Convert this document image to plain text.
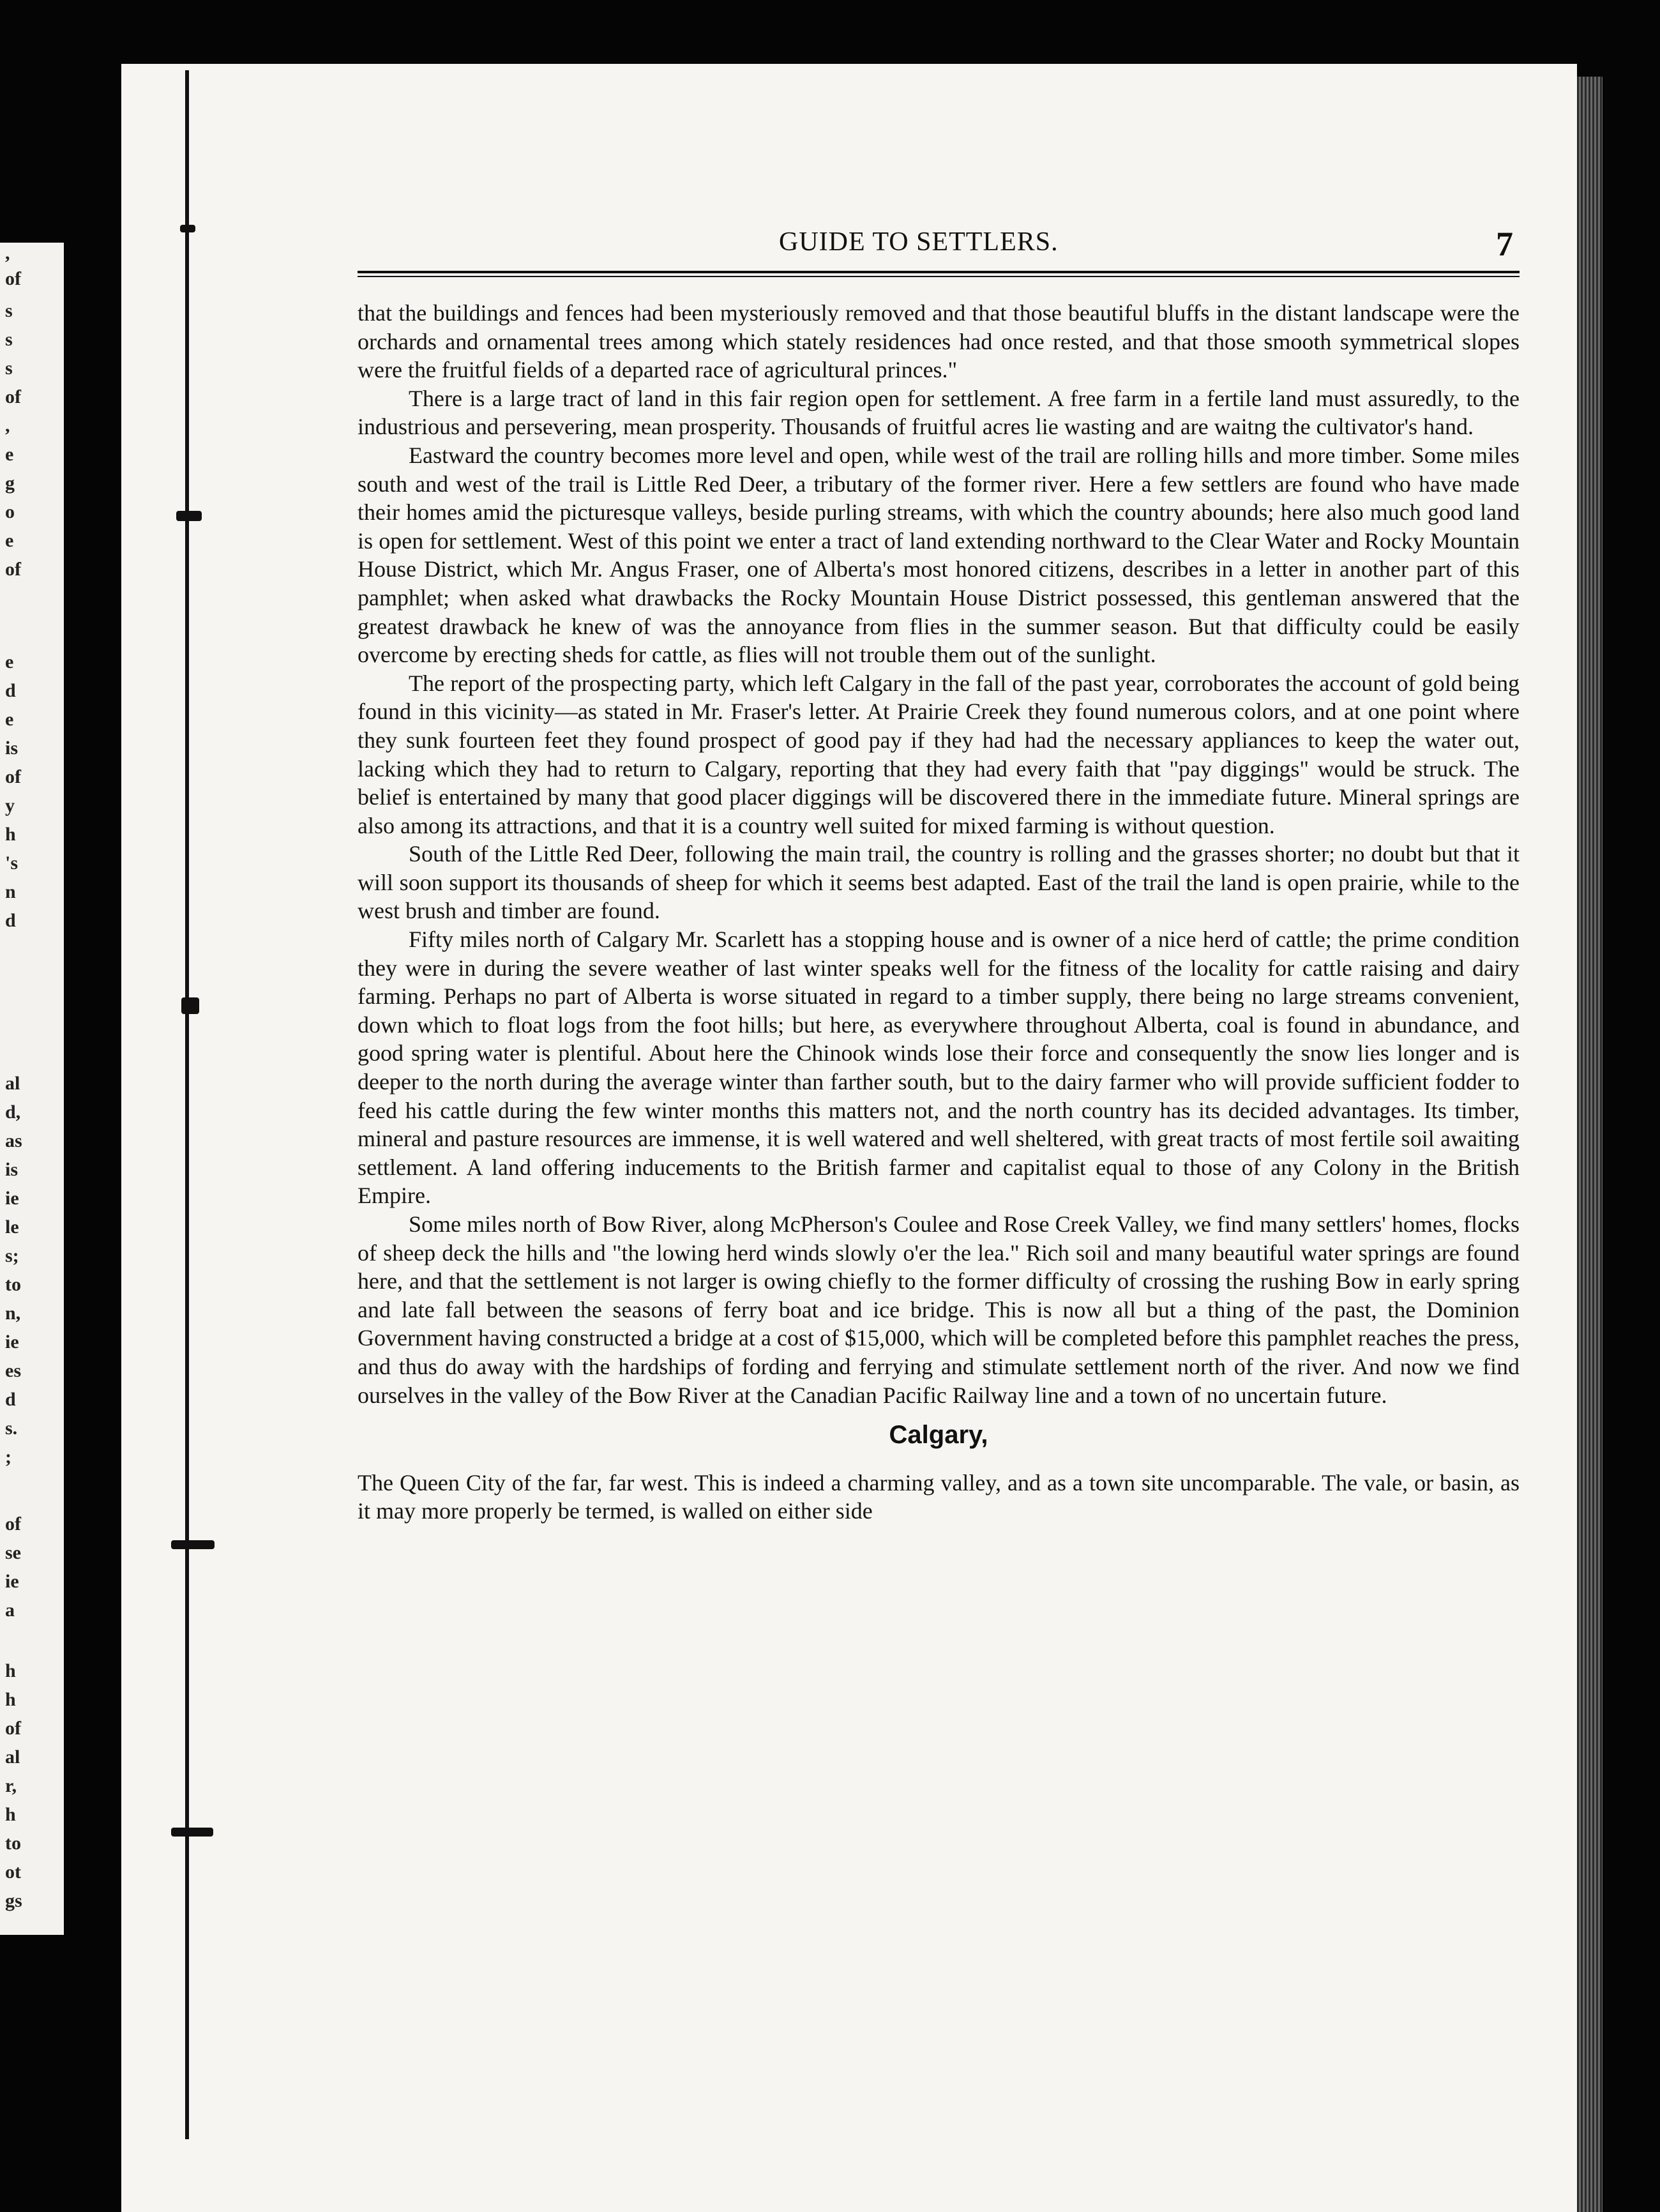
,
of
s
s
s
of
,
e
g
o
e
of
e
d
e
is
of
y
h
's
n
d
al
d,
as
is
ie
le
s;
to
n,
ie
es
d
s.
;
of
se
ie
a
h
h
of
al
r,
h
to
ot
gs
GUIDE TO SETTLERS.	7

that the buildings and fences had been mysteriously removed and that those beautiful bluffs in the distant landscape were the orchards and ornamental trees among which stately residences had once rested, and that those smooth symmetrical slopes were the fruitful fields of a departed race of agricultural princes."

There is a large tract of land in this fair region open for settlement. A free farm in a fertile land must assuredly, to the industrious and persevering, mean prosperity. Thousands of fruitful acres lie wasting and are waitng the cultivator's hand.

Eastward the country becomes more level and open, while west of the trail are rolling hills and more timber. Some miles south and west of the trail is Little Red Deer, a tributary of the former river. Here a few settlers are found who have made their homes amid the picturesque valleys, beside purling streams, with which the country abounds; here also much good land is open for settlement. West of this point we enter a tract of land extending northward to the Clear Water and Rocky Mountain House District, which Mr. Angus Fraser, one of Alberta's most honored citizens, describes in a letter in another part of this pamphlet; when asked what drawbacks the Rocky Mountain House District possessed, this gentleman answered that the greatest drawback he knew of was the annoyance from flies in the summer season. But that difficulty could be easily overcome by erecting sheds for cattle, as flies will not trouble them out of the sunlight.

The report of the prospecting party, which left Calgary in the fall of the past year, corroborates the account of gold being found in this vicinity—as stated in Mr. Fraser's letter. At Prairie Creek they found numerous colors, and at one point where they sunk fourteen feet they found prospect of good pay if they had had the necessary appliances to keep the water out, lacking which they had to return to Calgary, reporting that they had every faith that "pay diggings" would be struck. The belief is entertained by many that good placer diggings will be discovered there in the immediate future. Mineral springs are also among its attractions, and that it is a country well suited for mixed farming is without question.

South of the Little Red Deer, following the main trail, the country is rolling and the grasses shorter; no doubt but that it will soon support its thousands of sheep for which it seems best adapted. East of the trail the land is open prairie, while to the west brush and timber are found.

Fifty miles north of Calgary Mr. Scarlett has a stopping house and is owner of a nice herd of cattle; the prime condition they were in during the severe weather of last winter speaks well for the fitness of the locality for cattle raising and dairy farming. Perhaps no part of Alberta is worse situated in regard to a timber supply, there being no large streams convenient, down which to float logs from the foot hills; but here, as everywhere throughout Alberta, coal is found in abundance, and good spring water is plentiful. About here the Chinook winds lose their force and consequently the snow lies longer and is deeper to the north during the average winter than farther south, but to the dairy farmer who will provide sufficient fodder to feed his cattle during the few winter months this matters not, and the north country has its decided advantages. Its timber, mineral and pasture resources are immense, it is well watered and well sheltered, with great tracts of most fertile soil awaiting settlement. A land offering inducements to the British farmer and capitalist equal to those of any Colony in the British Empire.

Some miles north of Bow River, along McPherson's Coulee and Rose Creek Valley, we find many settlers' homes, flocks of sheep deck the hills and "the lowing herd winds slowly o'er the lea." Rich soil and many beautiful water springs are found here, and that the settlement is not larger is owing chiefly to the former difficulty of crossing the rushing Bow in early spring and late fall between the seasons of ferry boat and ice bridge. This is now all but a thing of the past, the Dominion Government having constructed a bridge at a cost of $15,000, which will be completed before this pamphlet reaches the press, and thus do away with the hardships of fording and ferrying and stimulate settlement north of the river. And now we find ourselves in the valley of the Bow River at the Canadian Pacific Railway line and a town of no uncertain future.

Calgary,

The Queen City of the far, far west. This is indeed a charming valley, and as a town site uncomparable. The vale, or basin, as it may more properly be termed, is walled on either side
